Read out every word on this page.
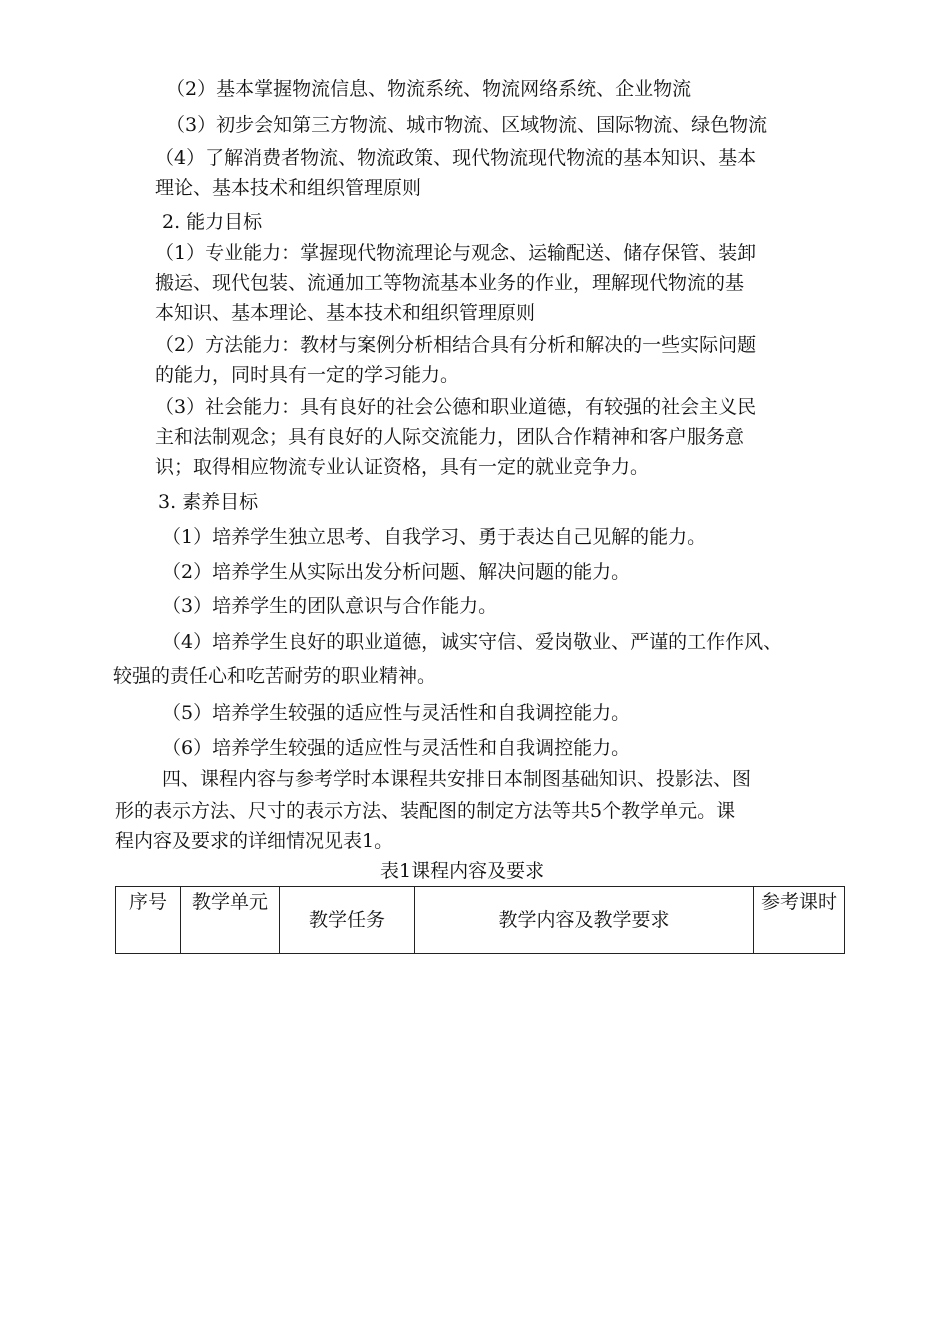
（2）基本掌握物流信息、物流系统、物流网络系统、企业物流
（3）初步会知第三方物流、城市物流、区域物流、国际物流、绿色物流
（4）了解消费者物流、物流政策、现代物流现代物流的基本知识、基本
理论、基本技术和组织管理原则
2. 能力目标
（1）专业能力：掌握现代物流理论与观念、运输配送、储存保管、装卸
搬运、现代包装、流通加工等物流基本业务的作业，理解现代物流的基
本知识、基本理论、基本技术和组织管理原则
（2）方法能力：教材与案例分析相结合具有分析和解决的一些实际问题
的能力，同时具有一定的学习能力。
（3）社会能力：具有良好的社会公德和职业道德，有较强的社会主义民
主和法制观念；具有良好的人际交流能力，团队合作精神和客户服务意
识；取得相应物流专业认证资格，具有一定的就业竞争力。
3. 素养目标
（1）培养学生独立思考、自我学习、勇于表达自己见解的能力。
（2）培养学生从实际出发分析问题、解决问题的能力。
（3）培养学生的团队意识与合作能力。
（4）培养学生良好的职业道德，诚实守信、爱岗敬业、严谨的工作作风、
较强的责任心和吃苦耐劳的职业精神。
（5）培养学生较强的适应性与灵活性和自我调控能力。
（6）培养学生较强的适应性与灵活性和自我调控能力。
四、课程内容与参考学时本课程共安排日本制图基础知识、投影法、图
形的表示方法、尺寸的表示方法、装配图的制定方法等共5个教学单元。课
程内容及要求的详细情况见表1。
表1课程内容及要求
序号	教学单元	教学任务	教学内容及教学要求	参考课时
